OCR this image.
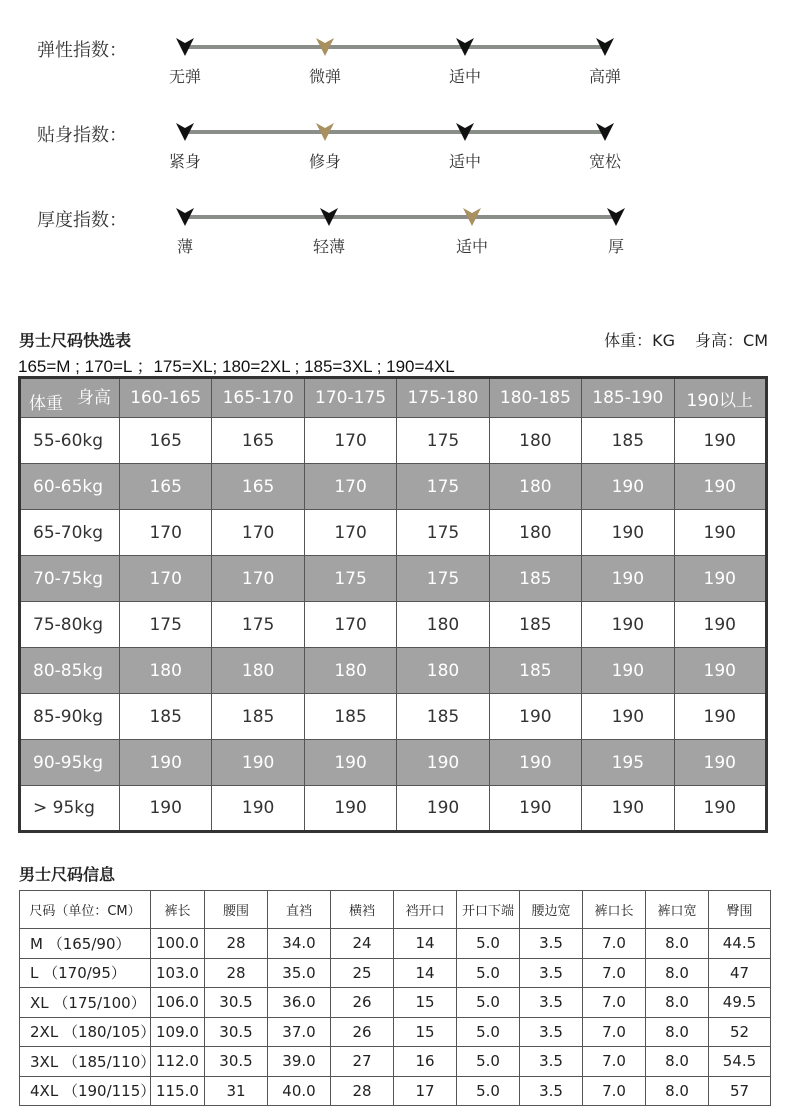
弹性指数：
无弹	微弹	适中	高弹
贴身指数：
紧身	修身	适中	宽松
厚度指数：
薄	轻薄	适中	厚
男士尺码快选表	体重：KG 身高：CM
165=M ; 170=L ；175=XL; 180=2XL ; 185=3XL ; 190=4XL
身高
体重	160-165	165-170	170-175	175-180	180-185	185-190	190以上
55-60kg	165	165	170	175	180	185	190
60-65kg	165	165	170	175	180	190	190
65-70kg	170	170	170	175	180	190	190
70-75kg	170	170	175	175	185	190	190
75-80kg	175	175	170	180	185	190	190
80-85kg	180	180	180	180	185	190	190
85-90kg	185	185	185	185	190	190	190
90-95kg	190	190	190	190	190	195	190
> 95kg	190	190	190	190	190	190	190
男士尺码信息
尺码（单位：CM）	裤长	腰围	直裆	横裆	裆开口	开口下端	腰边宽	裤口长	裤口宽	臀围
M （165/90）	100.0	28	34.0	24	14	5.0	3.5	7.0	8.0	44.5
L （170/95）	103.0	28	35.0	25	14	5.0	3.5	7.0	8.0	47
XL （175/100）	106.0	30.5	36.0	26	15	5.0	3.5	7.0	8.0	49.5
2XL （180/105）	109.0	30.5	37.0	26	15	5.0	3.5	7.0	8.0	52
3XL （185/110）	112.0	30.5	39.0	27	16	5.0	3.5	7.0	8.0	54.5
4XL （190/115）	115.0	31	40.0	28	17	5.0	3.5	7.0	8.0	57
